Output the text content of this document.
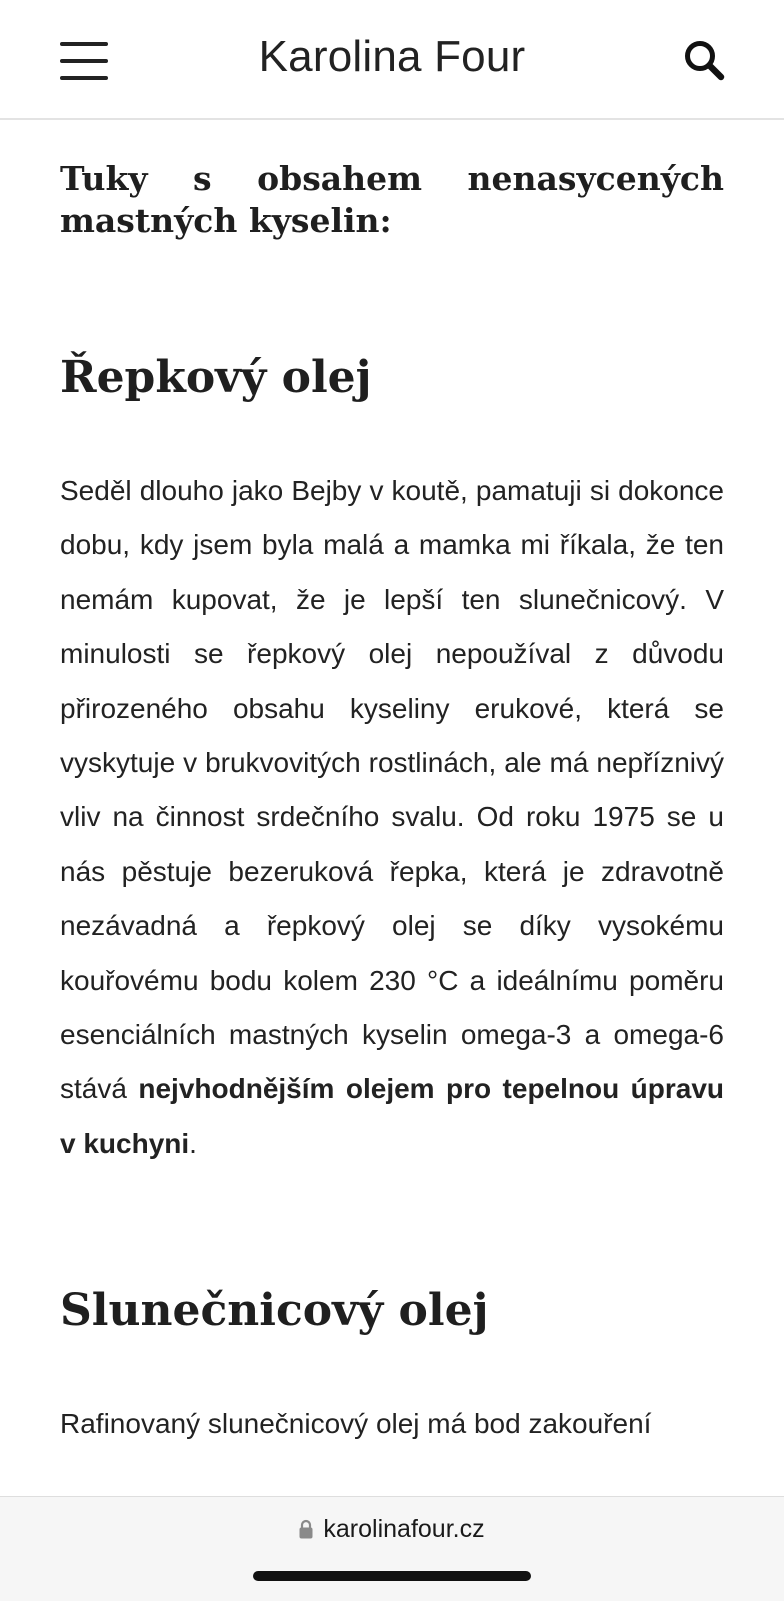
Karolina Four
Tuky s obsahem nenasycených mastných kyselin:
Řepkový olej

Seděl dlouho jako Bejby v koutě, pamatuji si dokonce dobu, kdy jsem byla malá a mamka mi říkala, že ten nemám kupovat, že je lepší ten slunečnicový. V minulosti se řepkový olej nepoužíval z důvodu přirozeného obsahu kyseliny erukové, která se vyskytuje v brukvovitých rostlinách, ale má nepříznivý vliv na činnost srdečního svalu. Od roku 1975 se u nás pěstuje bezeruková řepka, která je zdravotně nezávadná a řepkový olej se díky vysokému kouřovému bodu kolem 230 °C a ideálnímu poměru esenciálních mastných kyselin omega-3 a omega-6 stává nejvhodnějším olejem pro tepelnou úpravu v kuchyni.

Slunečnicový olej

Rafinovaný slunečnicový olej má bod zakouření

karolinafour.cz
